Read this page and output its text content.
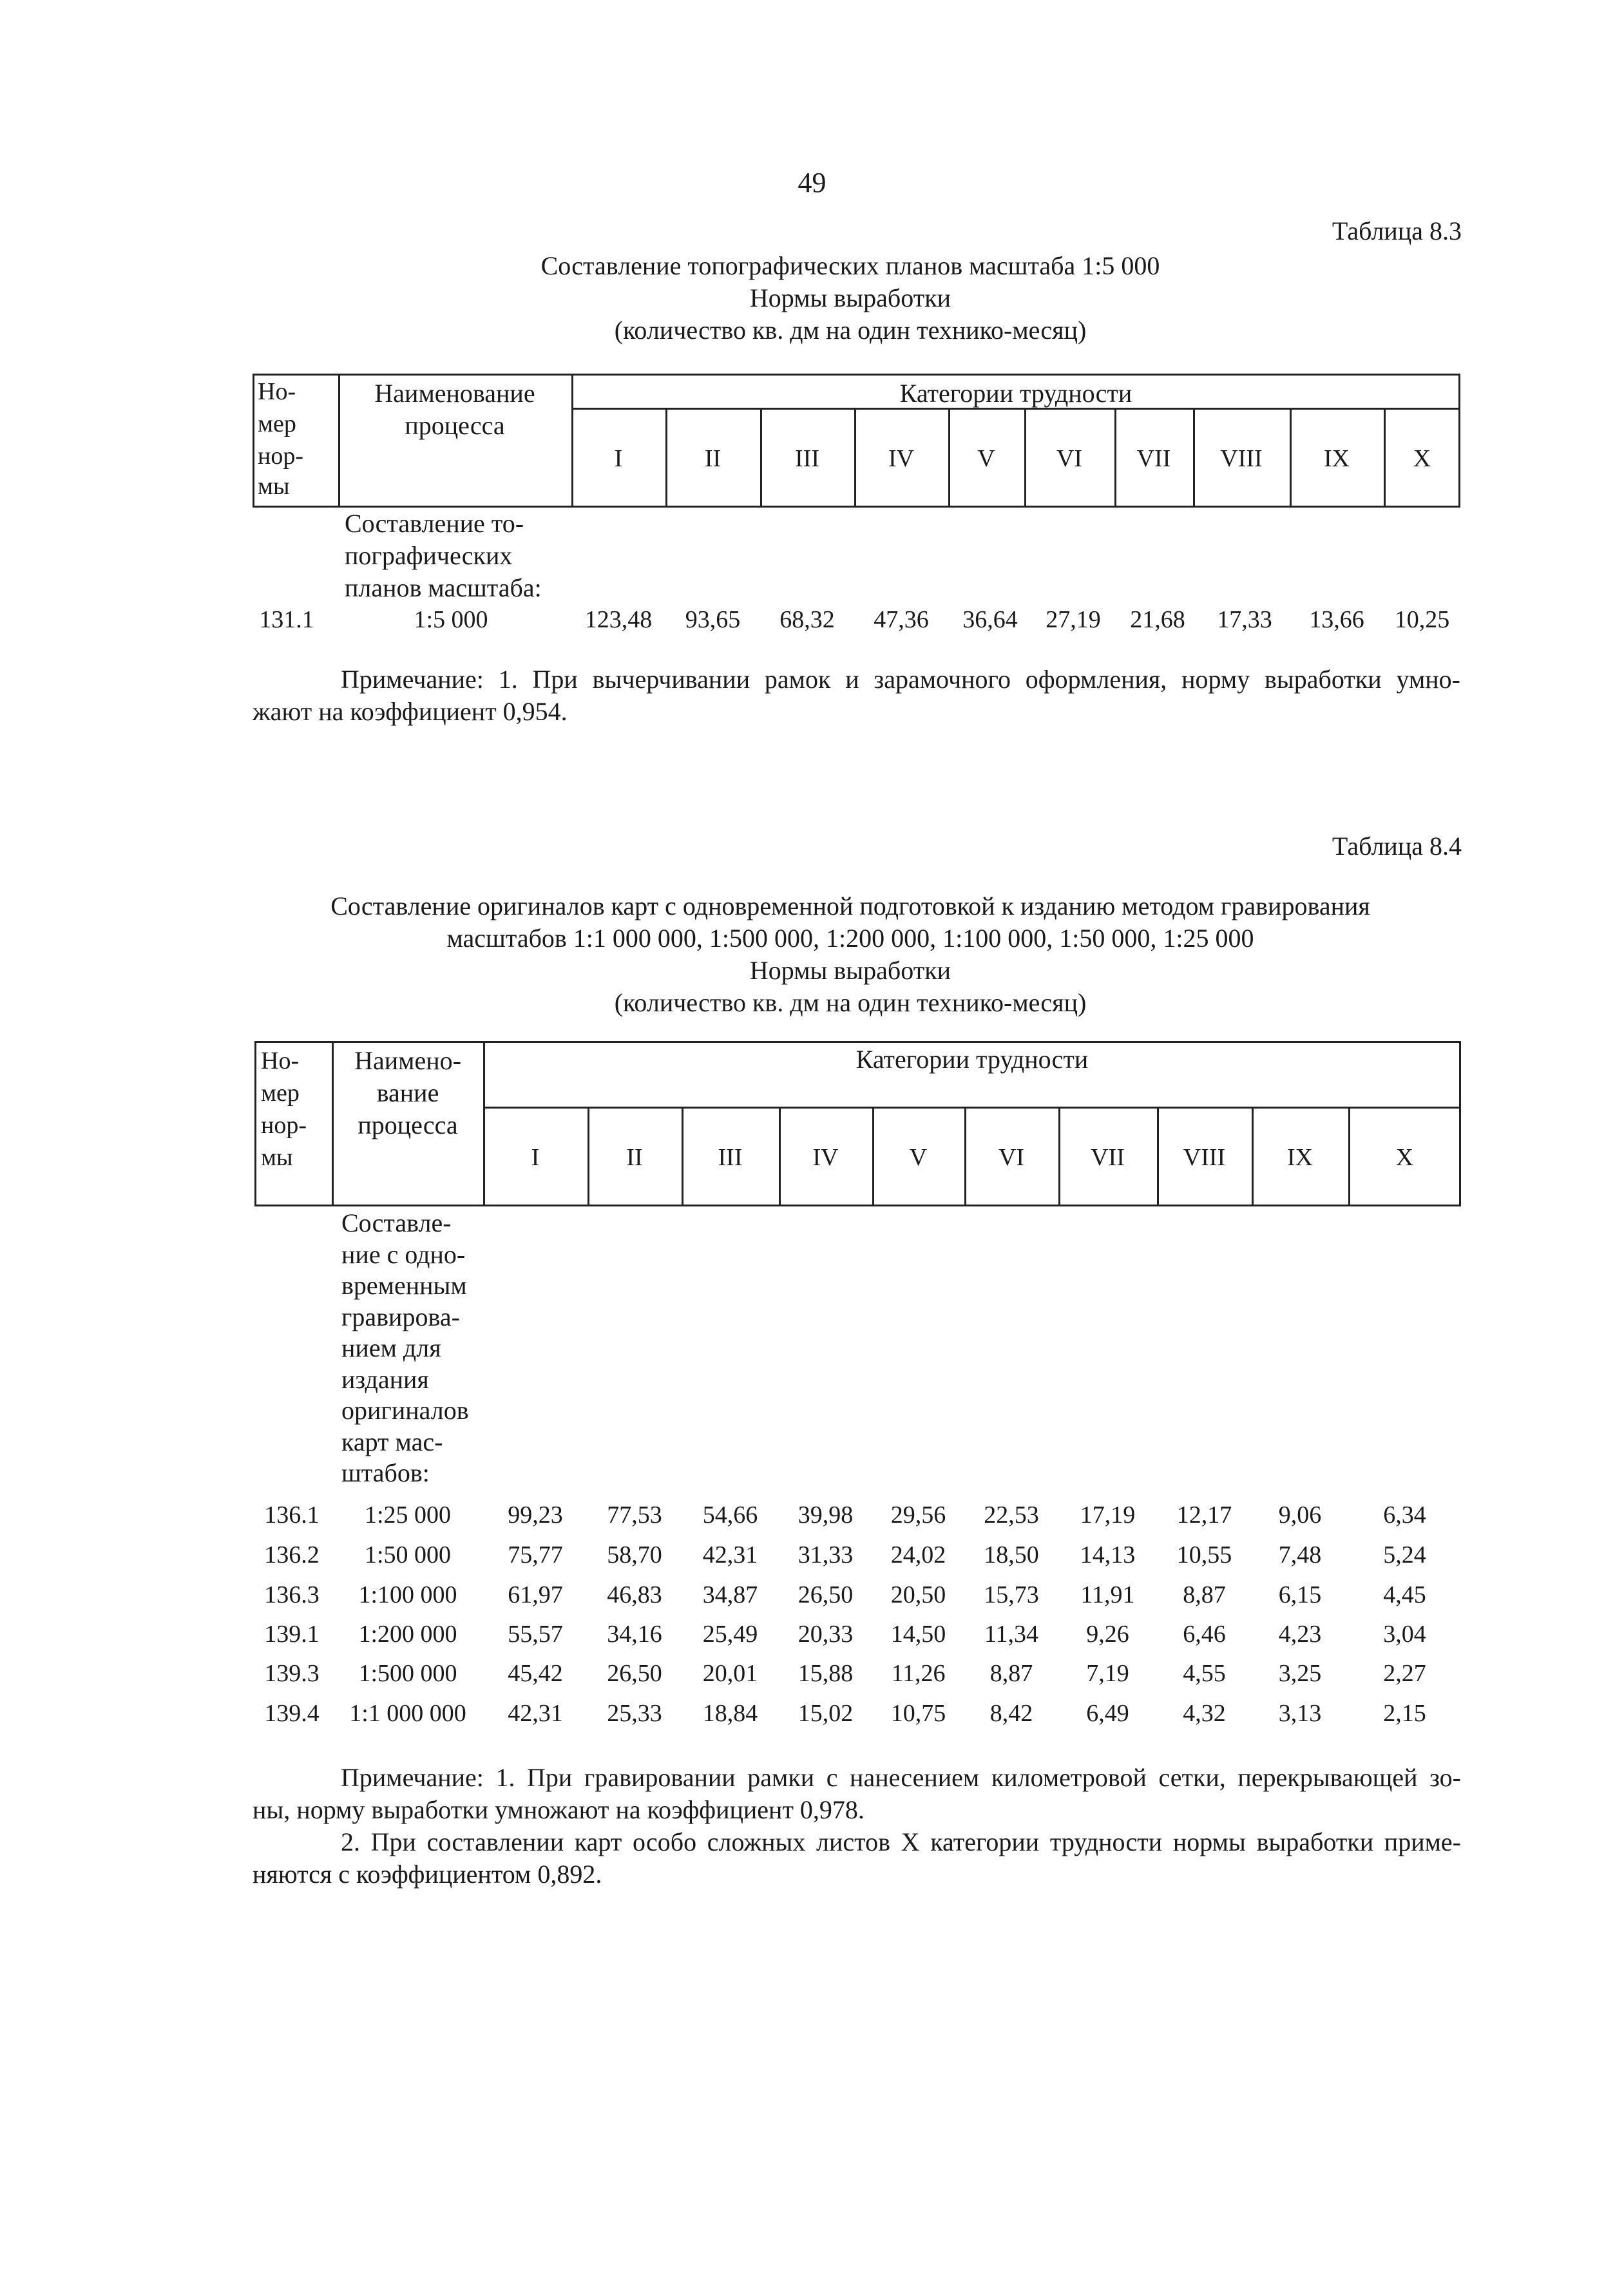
49
Таблица 8.3
Составление топографических планов масштаба 1:5 000
Нормы выработки
(количество кв. дм на один технико-месяц)
Но-
мер
нор-
мы
Наименование
процесса
Категории трудности
I	II	III	IV	V	VI	VII	VIII	IX	X
Составление то-
пографических
планов масштаба:
131.1	1:5 000	123,48	93,65	68,32	47,36	36,64	27,19	21,68	17,33	13,66	10,25
Примечание: 1. При вычерчивании рамок и зарамочного оформления, норму выработки умно-
жают на коэффициент 0,954.
Таблица 8.4
Составление оригиналов карт с одновременной подготовкой к изданию методом гравирования
масштабов 1:1 000 000, 1:500 000, 1:200 000, 1:100 000, 1:50 000, 1:25 000
Нормы выработки
(количество кв. дм на один технико-месяц)
Но-
мер
нор-
мы
Наимено-
вание
процесса
Категории трудности
I	II	III	IV	V	VI	VII	VIII	IX	X
Составле-
ние с одно-
временным
гравирова-
нием для
издания
оригиналов
карт мас-
штабов:
136.1	1:25 000	99,23	77,53	54,66	39,98	29,56	22,53	17,19	12,17	9,06	6,34
136.2	1:50 000	75,77	58,70	42,31	31,33	24,02	18,50	14,13	10,55	7,48	5,24
136.3	1:100 000	61,97	46,83	34,87	26,50	20,50	15,73	11,91	8,87	6,15	4,45
139.1	1:200 000	55,57	34,16	25,49	20,33	14,50	11,34	9,26	6,46	4,23	3,04
139.3	1:500 000	45,42	26,50	20,01	15,88	11,26	8,87	7,19	4,55	3,25	2,27
139.4	1:1 000 000	42,31	25,33	18,84	15,02	10,75	8,42	6,49	4,32	3,13	2,15
Примечание: 1. При гравировании рамки с нанесением километровой сетки, перекрывающей зо-
ны, норму выработки умножают на коэффициент 0,978.
2. При составлении карт особо сложных листов X категории трудности нормы выработки приме-
няются с коэффициентом 0,892.
